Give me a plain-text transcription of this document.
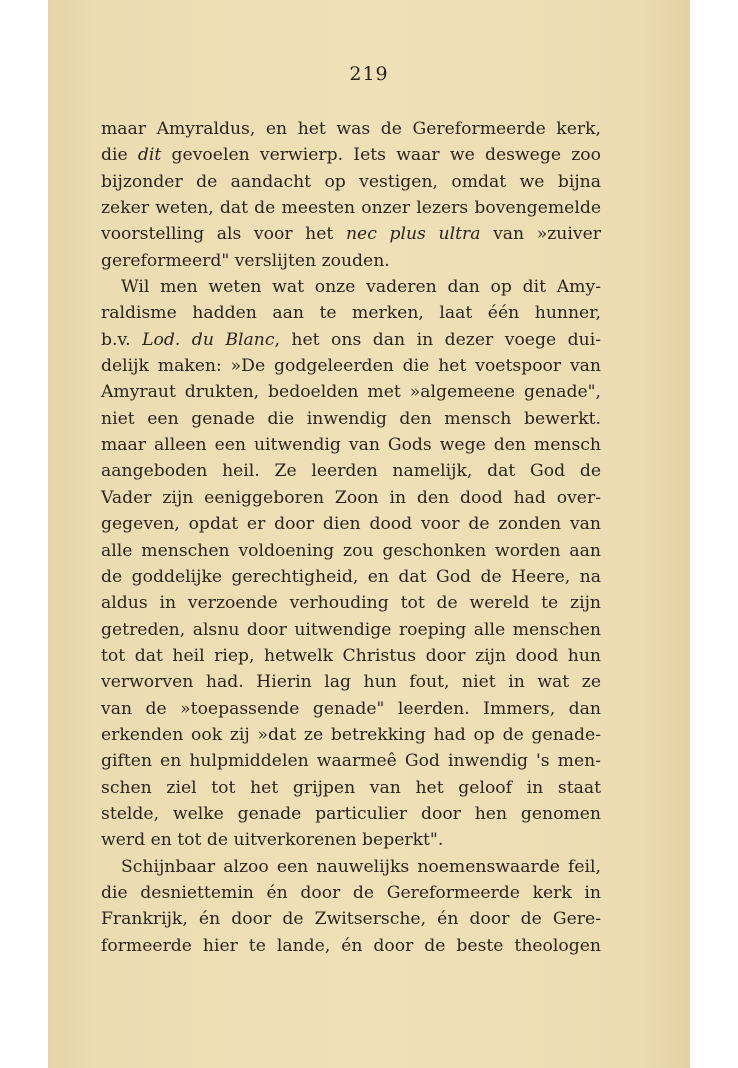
219
maar Amyraldus, en het was de Gereformeerde kerk,
die dit gevoelen verwierp. Iets waar we deswege zoo
bijzonder de aandacht op vestigen, omdat we bijna
zeker weten, dat de meesten onzer lezers bovengemelde
voorstelling als voor het nec plus ultra van »zuiver
gereformeerd" verslijten zouden.
Wil men weten wat onze vaderen dan op dit Amy-
raldisme hadden aan te merken, laat één hunner,
b.v. Lod. du Blanc, het ons dan in dezer voege dui-
delijk maken: »De godgeleerden die het voetspoor van
Amyraut drukten, bedoelden met »algemeene genade",
niet een genade die inwendig den mensch bewerkt.
maar alleen een uitwendig van Gods wege den mensch
aangeboden heil. Ze leerden namelijk, dat God de
Vader zijn eeniggeboren Zoon in den dood had over-
gegeven, opdat er door dien dood voor de zonden van
alle menschen voldoening zou geschonken worden aan
de goddelijke gerechtigheid, en dat God de Heere, na
aldus in verzoende verhouding tot de wereld te zijn
getreden, alsnu door uitwendige roeping alle menschen
tot dat heil riep, hetwelk Christus door zijn dood hun
verworven had. Hierin lag hun fout, niet in wat ze
van de »toepassende genade" leerden. Immers, dan
erkenden ook zij »dat ze betrekking had op de genade-
giften en hulpmiddelen waarmeê God inwendig 's men-
schen ziel tot het grijpen van het geloof in staat
stelde, welke genade particulier door hen genomen
werd en tot de uitverkorenen beperkt".
Schijnbaar alzoo een nauwelijks noemenswaarde feil,
die desniettemin én door de Gereformeerde kerk in
Frankrijk, én door de Zwitsersche, én door de Gere-
formeerde hier te lande, én door de beste theologen
